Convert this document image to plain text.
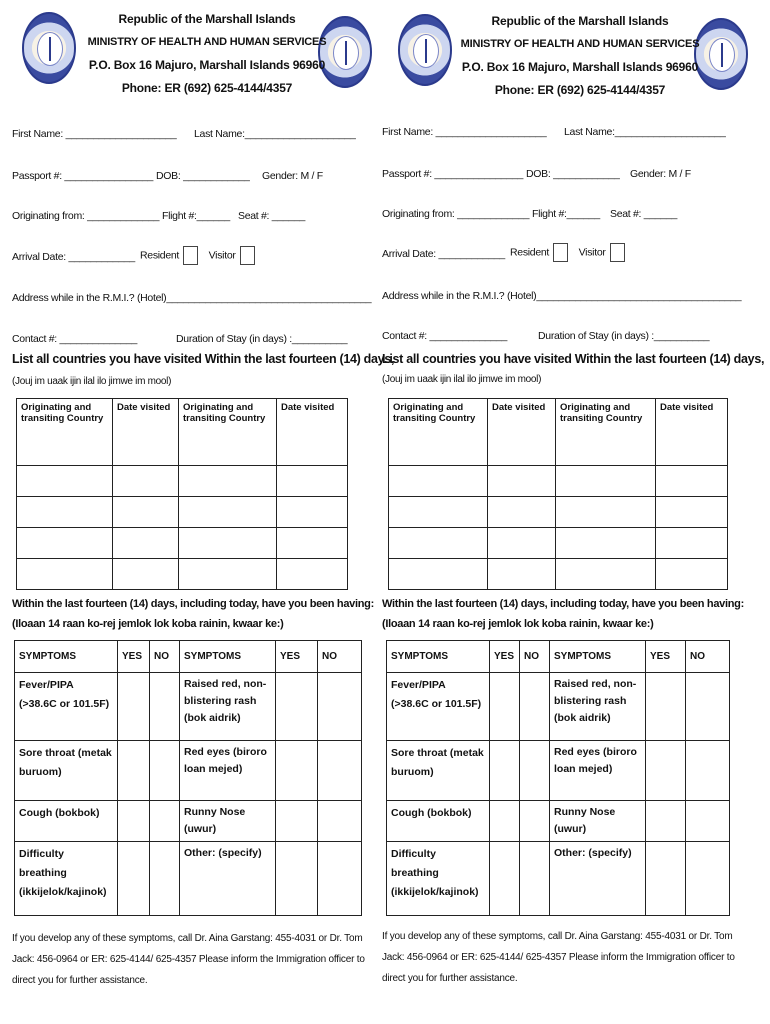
Republic of the Marshall Islands
MINISTRY OF HEALTH AND HUMAN SERVICES
P.O. Box 16 Majuro, Marshall Islands 96960
Phone: ER (692) 625-4144/4357
First Name: ____________________ Last Name:____________________
Passport #: ________________ DOB: ____________ Gender: M / F
Originating from: _____________ Flight #:______ Seat #: ______
Arrival Date: ____________ Resident	Visitor
Address while in the R.M.I.? (Hotel)_____________________________________
Contact #: ______________	Duration of Stay (in days) :__________
List all countries you have visited Within the last fourteen (14) days,
(Jouj im uaak ijin ilal ilo jimwe im mool)
Originating and transiting Country	Date visited	Originating and transiting Country	Date visited

Within the last fourteen (14) days, including today, have you been having:
(Iloaan 14 raan ko-rej jemlok lok koba rainin, kwaar ke:)
SYMPTOMS	YES	NO	SYMPTOMS	YES	NO
Fever/PIPA (>38.6C or 101.5F)			Raised red, non-blistering rash (bok aidrik)		
Sore throat (metak buruom)			Red eyes (biroro loan mejed)		
Cough (bokbok)			Runny Nose (uwur)		
Difficulty breathing (ikkijelok/kajinok)			Other: (specify)		
If you develop any of these symptoms, call Dr. Aina Garstang: 455-4031 or Dr. Tom Jack: 456-0964 or ER: 625-4144/ 625-4357 Please inform the Immigration officer to direct you for further assistance.
Republic of the Marshall Islands
MINISTRY OF HEALTH AND HUMAN SERVICES
P.O. Box 16 Majuro, Marshall Islands 96960
Phone: ER (692) 625-4144/4357
First Name: ____________________ Last Name:____________________
Passport #: ________________ DOB: ____________ Gender: M / F
Originating from: _____________ Flight #:______ Seat #: ______
Arrival Date: ____________ Resident	Visitor
Address while in the R.M.I.? (Hotel)_____________________________________
Contact #: ______________	Duration of Stay (in days) :__________
List all countries you have visited Within the last fourteen (14) days,
(Jouj im uaak ijin ilal ilo jimwe im mool)
Originating and transiting Country	Date visited	Originating and transiting Country	Date visited

Within the last fourteen (14) days, including today, have you been having:
(Iloaan 14 raan ko-rej jemlok lok koba rainin, kwaar ke:)
SYMPTOMS	YES	NO	SYMPTOMS	YES	NO
Fever/PIPA (>38.6C or 101.5F)			Raised red, non-blistering rash (bok aidrik)		
Sore throat (metak buruom)			Red eyes (biroro loan mejed)		
Cough (bokbok)			Runny Nose (uwur)		
Difficulty breathing (ikkijelok/kajinok)			Other: (specify)		
If you develop any of these symptoms, call Dr. Aina Garstang: 455-4031 or Dr. Tom Jack: 456-0964 or ER: 625-4144/ 625-4357 Please inform the Immigration officer to direct you for further assistance.
